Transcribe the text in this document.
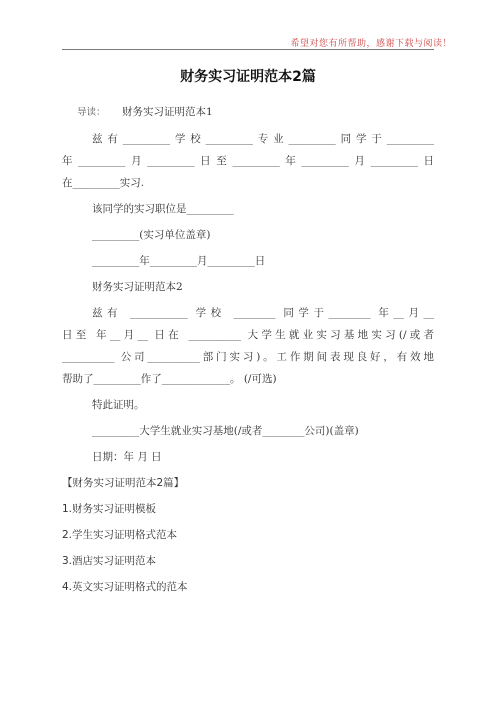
希望对您有所帮助，感谢下载与阅读！
财务实习证明范本2篇
导读： 财务实习证明范本1
兹有_________学校_________专业_________同学于_________
年_________月_________日至_________年_________月_________日
在_________实习.
该同学的实习职位是_________
_________(实习单位盖章)
_________年_________月_________日
财务实习证明范本2
兹有 ___________ 学校 ________ 同学于________ 年__月__
日至 年__月__ 日在 __________ 大学生就业实习基地实习(/或者
__________ 公司__________部门实习)。工作期间表现良好，有效地
帮助了_________作了_____________。 (/可选)
特此证明。
_________大学生就业实习基地(/或者________公司)(盖章)
日期：年 月 日
【财务实习证明范本2篇】
1.财务实习证明模板
2.学生实习证明格式范本
3.酒店实习证明范本
4.英文实习证明格式的范本
